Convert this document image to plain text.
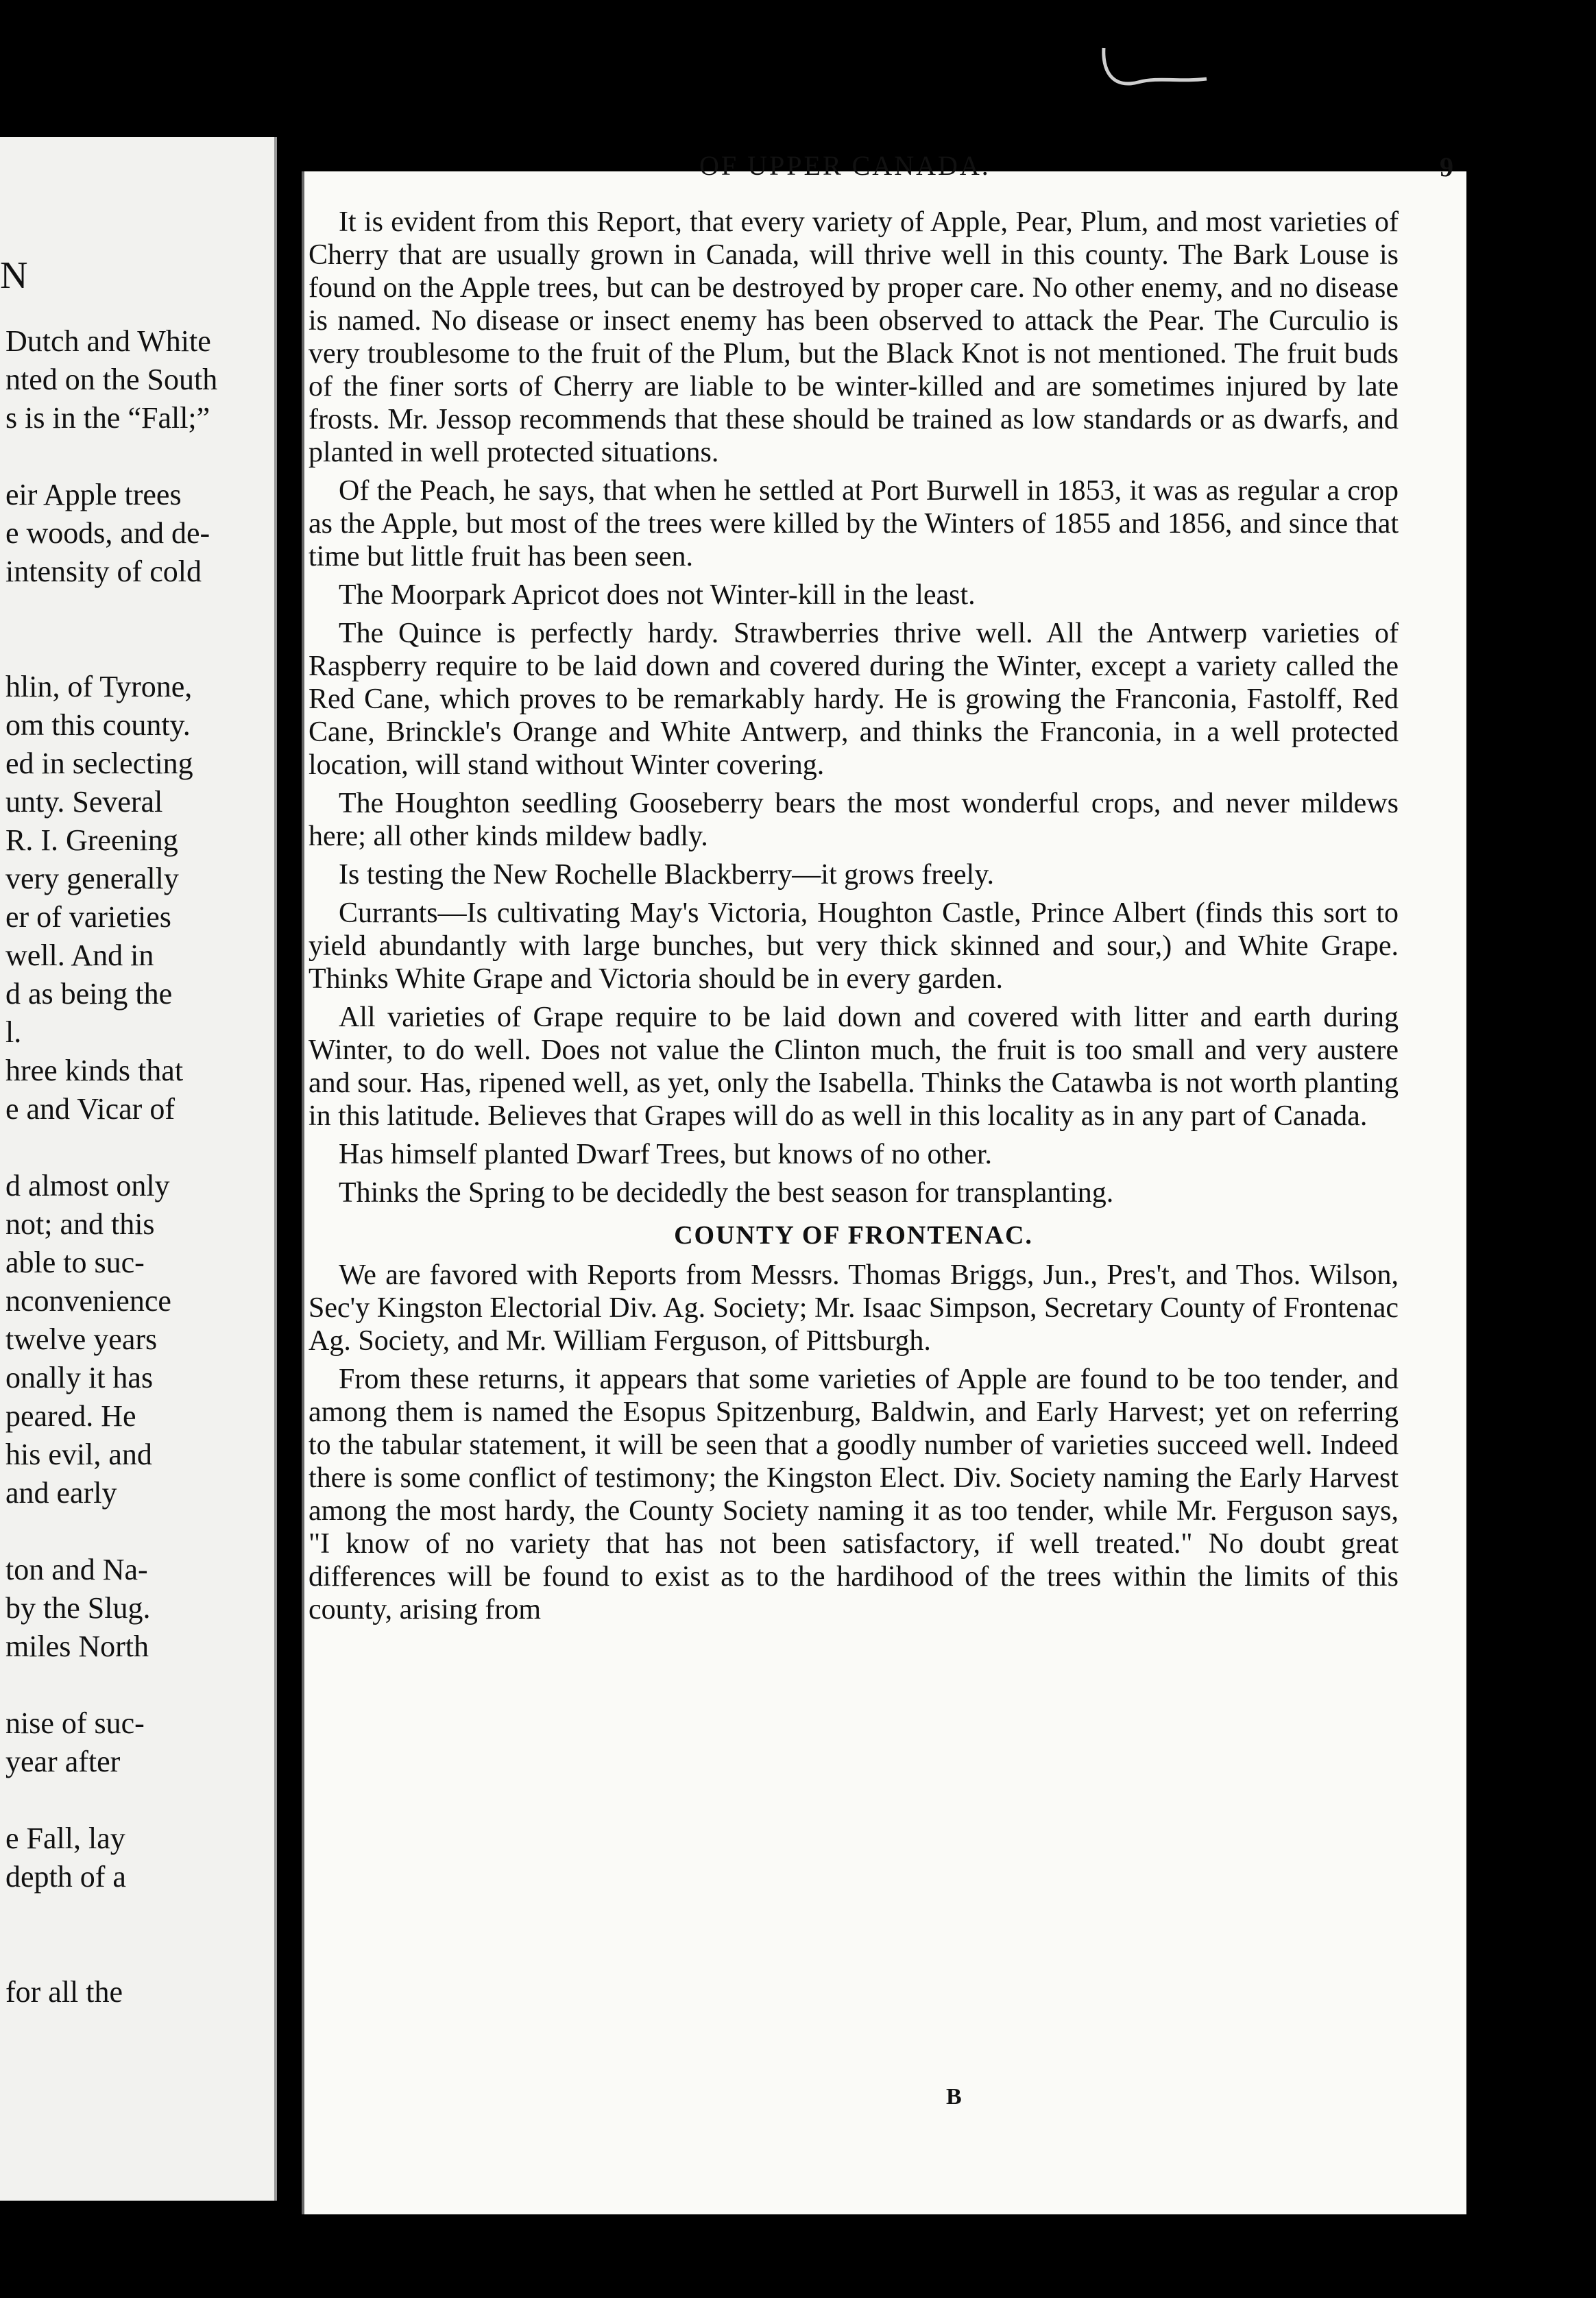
N
Dutch and White
nted on the South
s is in the “Fall;”
eir Apple trees
e woods, and de-
intensity of cold
hlin, of Tyrone,
om this county.
ed in seclecting
unty. Several
R. I. Greening
very generally
er of varieties
well. And in
d as being the
l.
hree kinds that
e and Vicar of
d almost only
not; and this
able to suc-
nconvenience
twelve years
onally it has
peared. He
his evil, and
and early
ton and Na-
by the Slug.
miles North
nise of suc-
year after
e Fall, lay
depth of a
for all the
OF UPPER CANADA.	9

It is evident from this Report, that every variety of Apple, Pear, Plum, and most varieties of Cherry that are usually grown in Canada, will thrive well in this county. The Bark Louse is found on the Apple trees, but can be destroyed by proper care. No other enemy, and no disease is named. No disease or insect enemy has been observed to attack the Pear. The Curculio is very troublesome to the fruit of the Plum, but the Black Knot is not mentioned. The fruit buds of the finer sorts of Cherry are liable to be winter-killed and are sometimes injured by late frosts. Mr. Jessop recommends that these should be trained as low standards or as dwarfs, and planted in well protected situations.

Of the Peach, he says, that when he settled at Port Burwell in 1853, it was as regular a crop as the Apple, but most of the trees were killed by the Winters of 1855 and 1856, and since that time but little fruit has been seen.

The Moorpark Apricot does not Winter-kill in the least.

The Quince is perfectly hardy. Strawberries thrive well. All the Antwerp varieties of Raspberry require to be laid down and covered during the Winter, except a variety called the Red Cane, which proves to be remarkably hardy. He is growing the Franconia, Fastolff, Red Cane, Brinckle's Orange and White Antwerp, and thinks the Franconia, in a well protected location, will stand without Winter covering.

The Houghton seedling Gooseberry bears the most wonderful crops, and never mildews here; all other kinds mildew badly.

Is testing the New Rochelle Blackberry—it grows freely.

Currants—Is cultivating May's Victoria, Houghton Castle, Prince Albert (finds this sort to yield abundantly with large bunches, but very thick skinned and sour,) and White Grape. Thinks White Grape and Victoria should be in every garden.

All varieties of Grape require to be laid down and covered with litter and earth during Winter, to do well. Does not value the Clinton much, the fruit is too small and very austere and sour. Has, ripened well, as yet, only the Isabella. Thinks the Catawba is not worth planting in this latitude. Believes that Grapes will do as well in this locality as in any part of Canada.

Has himself planted Dwarf Trees, but knows of no other.

Thinks the Spring to be decidedly the best season for transplanting.

COUNTY OF FRONTENAC.

We are favored with Reports from Messrs. Thomas Briggs, Jun., Pres't, and Thos. Wilson, Sec'y Kingston Electorial Div. Ag. Society; Mr. Isaac Simpson, Secretary County of Frontenac Ag. Society, and Mr. William Ferguson, of Pittsburgh.

From these returns, it appears that some varieties of Apple are found to be too tender, and among them is named the Esopus Spitzenburg, Baldwin, and Early Harvest; yet on referring to the tabular statement, it will be seen that a goodly number of varieties succeed well. Indeed there is some conflict of testimony; the Kingston Elect. Div. Society naming the Early Harvest among the most hardy, the County Society naming it as too tender, while Mr. Ferguson says, "I know of no variety that has not been satisfactory, if well treated." No doubt great differences will be found to exist as to the hardihood of the trees within the limits of this county, arising from

B
